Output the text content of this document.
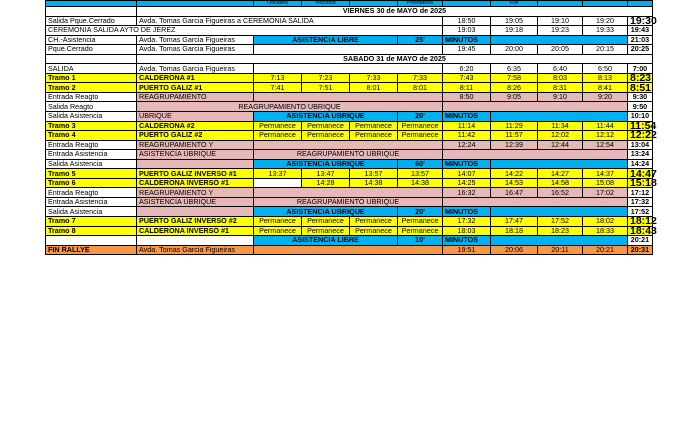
		Oficiales	Inscritos		Prioritarios		FIA			
	VIERNES 30 de MAYO de 2025									
Salida Pque.Cerrado	Avda. Tomas Garcia Figueiras a CEREMONIA SALIDA					18:50	19:05	19:10	19:20	19:30
CEREMONIA SALIDA AYTO DE JEREZ						19:03	19:18	19:23	19:33	19:43
CH.-Asistencia	Avda. Tomas Garcia Figueiras	ASISTENCIA LIBRE			25'	MINUTOS				21:03
Pque.Cerrado	Avda. Tomas Garcia Figueiras					19:45	20:00	20:05	20:15	20:25
	SABADO 31 de MAYO de 2025									
SALIDA	Avda. Tomas Garcia Figueiras					6:20	6:35	6:40	6:50	7:00
Tramo 1	CALDERONA #1	7:13	7:23	7:33	7:33	7:43	7:58	8:03	8:13	8:23
Tramo 2	PUERTO GALIZ #1	7:41	7:51	8:01	8:01	8:11	8:26	8:31	8:41	8:51
Entrada Reagto	REAGRUPAMIENTO					8:50	9:05	9:10	9:20	9:30
Salida Reagto	REAGRUPAMIENTO UBRIQUE									9:50
Salida Asistencia	UBRIQUE	ASISTENCIA UBRIQUE			20'	MINUTOS				10:10
Tramo 3	CALDERONA #2	Permanece	Permanece	Permanece	Permanece	11:14	11:29	11:34	11:44	11:54
Tramo 4	PUERTO GALIZ #2	Permanece	Permanece	Permanece	Permanece	11:42	11:57	12:02	12:12	12:22
Entrada Reagto	REAGRUPAMIENTO Y					12:24	12:39	12:44	12:54	13:04
Entrada Asistencia	ASISTENCIA UBRIQUE	REAGRUPAMIENTO UBRIQUE								13:24
Salida Asistencia		ASISTENCIA UBRIQUE			60'	MINUTOS				14:24
Tramo 5	PUERTO GALIZ INVERSO #1	13:37	13:47	13:57	13:57	14:07	14:22	14:27	14:37	14:47
Tramo 6	CALDERONA INVERSO #1		14:28	14:38	14:38	14:25	14:53	14:58	15:08	15:18
Entrada Reagto	REAGRUPAMIENTO Y					16:32	16:47	16:52	17:02	17:12
Entrada Asistencia	ASISTENCIA UBRIQUE	REAGRUPAMIENTO UBRIQUE								17:32
Salida Asistencia		ASISTENCIA UBRIQUE			20'	MINUTOS				17:52
Tramo 7	PUERTO GALIZ INVERSO #2	Permanece	Permanece	Permanece	Permanece	17:32	17:47	17:52	18:02	18:12
Tramo 8	CALDERONA INVERSO #1	Permanece	Permanece	Permanece	Permanece	18:03	18:18	18:23	18:33	18:43
		ASISTENCIA LIBRE			10'	MINUTOS				20:21
FIN RALLYE	Avda. Tomas Garcia Figueiras					19:51	20:06	20:11	20:21	20:31
